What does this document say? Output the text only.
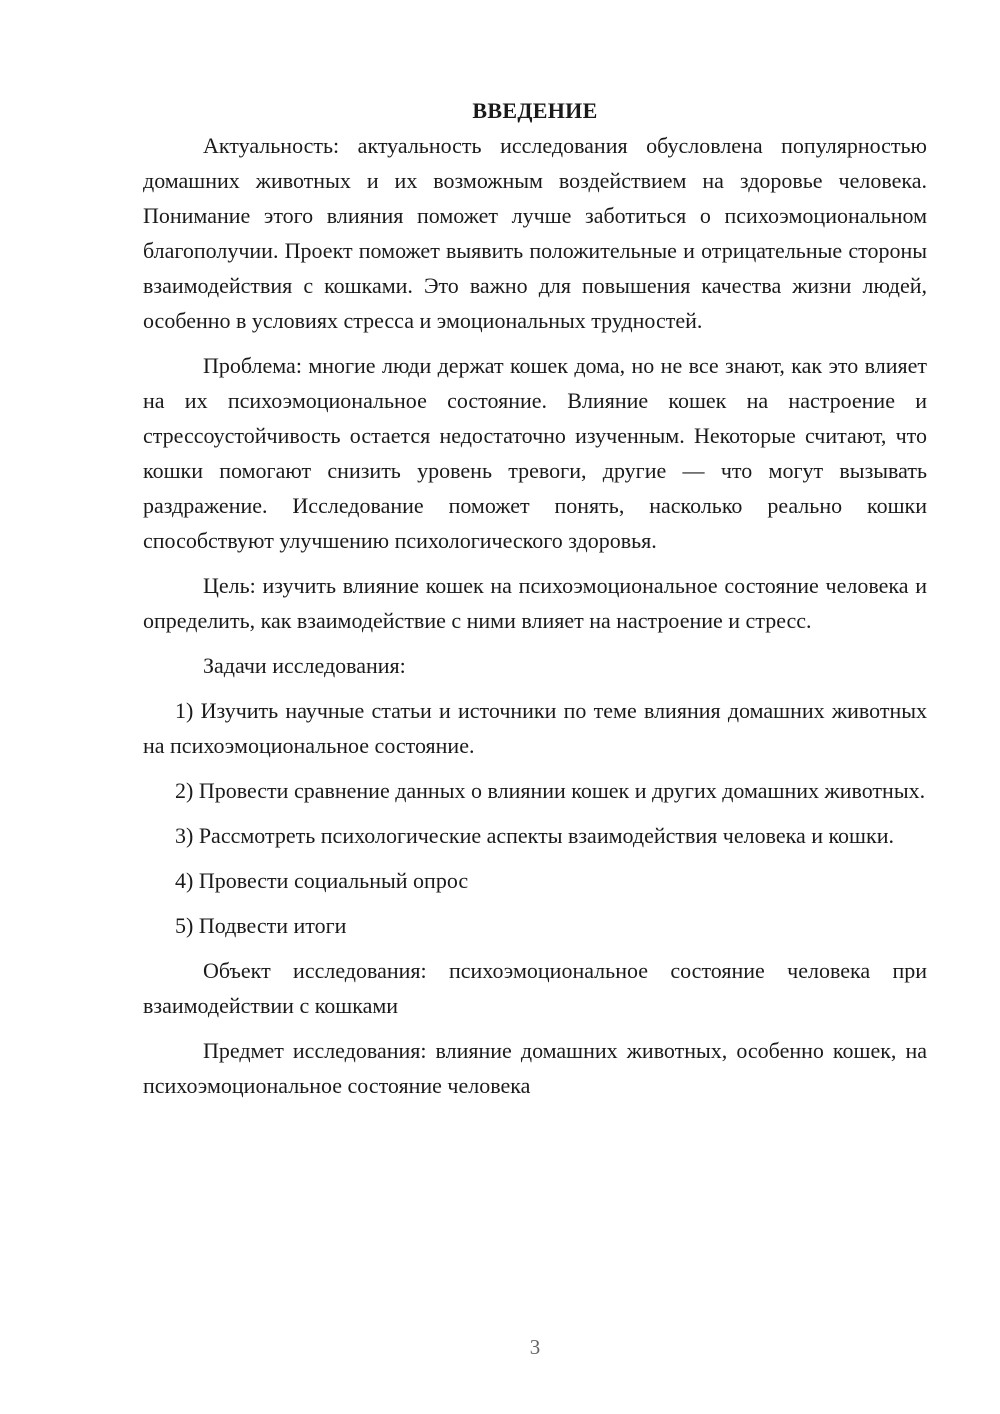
ВВЕДЕНИЕ

Актуальность: актуальность исследования обусловлена популярностью домашних животных и их возможным воздействием на здоровье человека. Понимание этого влияния поможет лучше заботиться о психоэмоциональном благополучии. Проект поможет выявить положительные и отрицательные стороны взаимодействия с кошками. Это важно для повышения качества жизни людей, особенно в условиях стресса и эмоциональных трудностей.

Проблема: многие люди держат кошек дома, но не все знают, как это влияет на их психоэмоциональное состояние. Влияние кошек на настроение и стрессоустойчивость остается недостаточно изученным. Некоторые считают, что кошки помогают снизить уровень тревоги, другие — что могут вызывать раздражение. Исследование поможет понять, насколько реально кошки способствуют улучшению психологического здоровья.

Цель: изучить влияние кошек на психоэмоциональное состояние человека и определить, как взаимодействие с ними влияет на настроение и стресс.

Задачи исследования:

1) Изучить научные статьи и источники по теме влияния домашних животных на психоэмоциональное состояние.

2) Провести сравнение данных о влиянии кошек и других домашних животных.

3) Рассмотреть психологические аспекты взаимодействия человека и кошки.

4) Провести социальный опрос

5) Подвести итоги

Объект исследования: психоэмоциональное состояние человека при взаимодействии с кошками

Предмет исследования: влияние домашних животных, особенно кошек, на психоэмоциональное состояние человека

3
